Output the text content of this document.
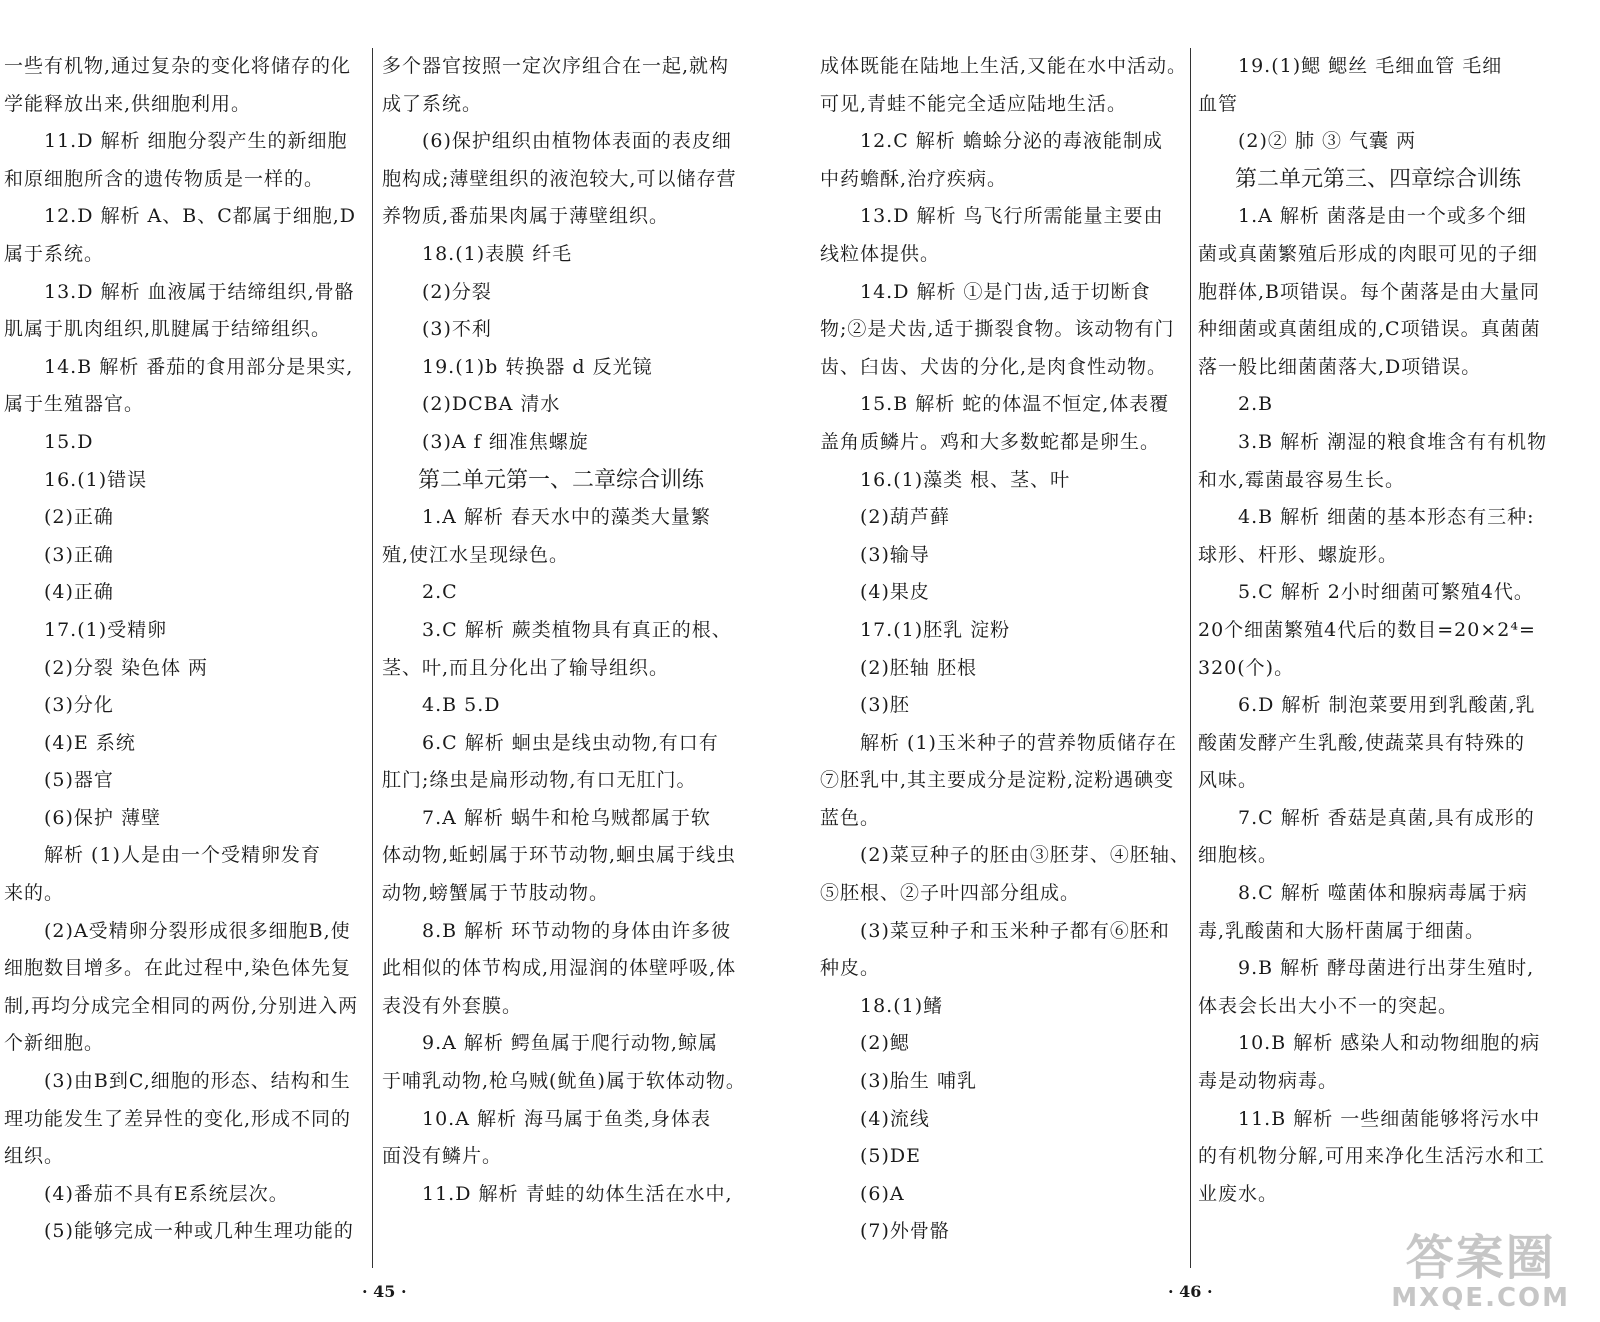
一些有机物,通过复杂的变化将储存的化

学能释放出来,供细胞利用。

11.D 解析 细胞分裂产生的新细胞

和原细胞所含的遗传物质是一样的。

12.D 解析 A、B、C都属于细胞,D

属于系统。

13.D 解析 血液属于结缔组织,骨骼

肌属于肌肉组织,肌腱属于结缔组织。

14.B 解析 番茄的食用部分是果实,

属于生殖器官。

15.D

16.(1)错误

(2)正确

(3)正确

(4)正确

17.(1)受精卵

(2)分裂 染色体 两

(3)分化

(4)E 系统

(5)器官

(6)保护 薄壁

解析 (1)人是由一个受精卵发育

来的。

(2)A受精卵分裂形成很多细胞B,使

细胞数目增多。在此过程中,染色体先复

制,再均分成完全相同的两份,分别进入两

个新细胞。

(3)由B到C,细胞的形态、结构和生

理功能发生了差异性的变化,形成不同的

组织。

(4)番茄不具有E系统层次。

(5)能够完成一种或几种生理功能的

多个器官按照一定次序组合在一起,就构

成了系统。

(6)保护组织由植物体表面的表皮细

胞构成;薄壁组织的液泡较大,可以储存营

养物质,番茄果肉属于薄壁组织。

18.(1)表膜 纤毛

(2)分裂

(3)不利

19.(1)b 转换器 d 反光镜

(2)DCBA 清水

(3)A f 细准焦螺旋

第二单元第一、二章综合训练

1.A 解析 春天水中的藻类大量繁

殖,使江水呈现绿色。

2.C

3.C 解析 蕨类植物具有真正的根、

茎、叶,而且分化出了输导组织。

4.B 5.D

6.C 解析 蛔虫是线虫动物,有口有

肛门;绦虫是扁形动物,有口无肛门。

7.A 解析 蜗牛和枪乌贼都属于软

体动物,蚯蚓属于环节动物,蛔虫属于线虫

动物,螃蟹属于节肢动物。

8.B 解析 环节动物的身体由许多彼

此相似的体节构成,用湿润的体壁呼吸,体

表没有外套膜。

9.A 解析 鳄鱼属于爬行动物,鲸属

于哺乳动物,枪乌贼(鱿鱼)属于软体动物。

10.A 解析 海马属于鱼类,身体表

面没有鳞片。

11.D 解析 青蛙的幼体生活在水中,

· 45 ·

成体既能在陆地上生活,又能在水中活动。

可见,青蛙不能完全适应陆地生活。

12.C 解析 蟾蜍分泌的毒液能制成

中药蟾酥,治疗疾病。

13.D 解析 鸟飞行所需能量主要由

线粒体提供。

14.D 解析 ①是门齿,适于切断食

物;②是犬齿,适于撕裂食物。该动物有门

齿、臼齿、犬齿的分化,是肉食性动物。

15.B 解析 蛇的体温不恒定,体表覆

盖角质鳞片。鸡和大多数蛇都是卵生。

16.(1)藻类 根、茎、叶

(2)葫芦藓

(3)输导

(4)果皮

17.(1)胚乳 淀粉

(2)胚轴 胚根

(3)胚

解析 (1)玉米种子的营养物质储存在

⑦胚乳中,其主要成分是淀粉,淀粉遇碘变

蓝色。

(2)菜豆种子的胚由③胚芽、④胚轴、

⑤胚根、②子叶四部分组成。

(3)菜豆种子和玉米种子都有⑥胚和

种皮。

18.(1)鳍

(2)鳃

(3)胎生 哺乳

(4)流线

(5)DE

(6)A

(7)外骨骼

19.(1)鳃 鳃丝 毛细血管 毛细

血管

(2)② 肺 ③ 气囊 两

第二单元第三、四章综合训练

1.A 解析 菌落是由一个或多个细

菌或真菌繁殖后形成的肉眼可见的子细

胞群体,B项错误。每个菌落是由大量同

种细菌或真菌组成的,C项错误。真菌菌

落一般比细菌菌落大,D项错误。

2.B

3.B 解析 潮湿的粮食堆含有有机物

和水,霉菌最容易生长。

4.B 解析 细菌的基本形态有三种:

球形、杆形、螺旋形。

5.C 解析 2小时细菌可繁殖4代。

20个细菌繁殖4代后的数目=20×2⁴=

320(个)。

6.D 解析 制泡菜要用到乳酸菌,乳

酸菌发酵产生乳酸,使蔬菜具有特殊的

风味。

7.C 解析 香菇是真菌,具有成形的

细胞核。

8.C 解析 噬菌体和腺病毒属于病

毒,乳酸菌和大肠杆菌属于细菌。

9.B 解析 酵母菌进行出芽生殖时,

体表会长出大小不一的突起。

10.B 解析 感染人和动物细胞的病

毒是动物病毒。

11.B 解析 一些细菌能够将污水中

的有机物分解,可用来净化生活污水和工

业废水。

· 46 ·
答案圈
MXQE.COM
